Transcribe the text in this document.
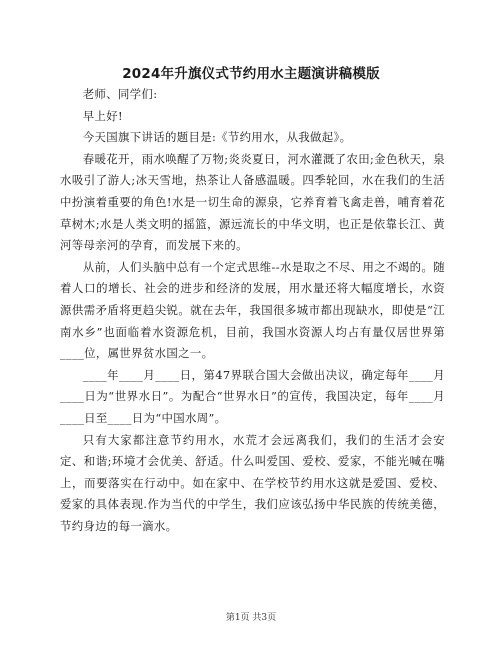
2024年升旗仪式节约用水主题演讲稿模版

老师、同学们:

早上好!

今天国旗下讲话的题目是:《节约用水，从我做起》。

春暖花开，雨水唤醒了万物;炎炎夏日，河水灌溉了农田;金色秋天，泉水吸引了游人;冰天雪地，热茶让人备感温暖。四季轮回，水在我们的生活中扮演着重要的角色!水是一切生命的源泉，它养育着飞禽走兽，哺育着花草树木;水是人类文明的摇篮，源远流长的中华文明，也正是依靠长江、黄河等母亲河的孕育，而发展下来的。

从前，人们头脑中总有一个定式思维--水是取之不尽、用之不竭的。随着人口的增长、社会的进步和经济的发展，用水量还将大幅度增长，水资源供需矛盾将更趋尖锐。就在去年，我国很多城市都出现缺水，即使是“江南水乡”也面临着水资源危机，目前，我国水资源人均占有量仅居世界第____位，属世界贫水国之一。

____年____月____日，第47界联合国大会做出决议，确定每年____月____日为“世界水日”。为配合“世界水日”的宣传，我国决定，每年____月____日至____日为“中国水周”。

只有大家都注意节约用水，水荒才会远离我们，我们的生活才会安定、和谐;环境才会优美、舒适。什么叫爱国、爱校、爱家，不能光喊在嘴上，而要落实在行动中。如在家中、在学校节约用水这就是爱国、爱校、爱家的具体表现.作为当代的中学生，我们应该弘扬中华民族的传统美德，节约身边的每一滴水。

第1页 共3页
